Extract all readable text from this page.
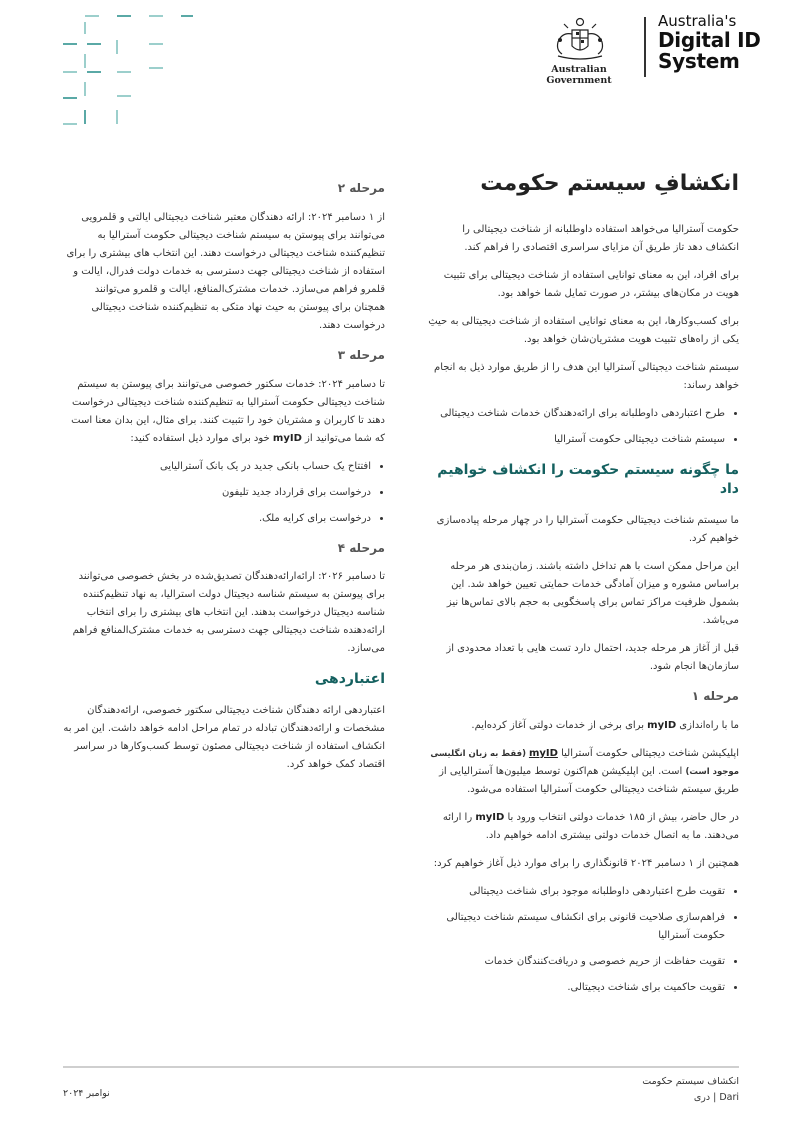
Australian Government
Australia's
Digital ID
System
انکشافِ سیستم حکومت

حکومت آسترالیا می‌خواهد استفاده داوطلبانه از شناخت دیجیتالی را انکشاف دهد تاز طریق آن مزایای سراسری اقتصادی را فراهم کند.

برای افراد، این به معنای توانایی استفاده از شناخت دیجیتالی برای تثبیت هویت در مکان‌های بیشتر، در صورت تمایل شما خواهد بود.

برای کسب‌وکارها، این به معنای توانایی استفاده از شناخت دیجیتالی به حیثِ یکی از راه‌های تثبیت هویت مشتریان‌شان خواهد بود.

سیستم شناخت دیجیتالی آسترالیا این هدف را از طریق موارد ذیل به انجام خواهد رساند:

• طرح اعتباردهی داوطلبانه برای ارائه‌دهندگان خدمات شناخت دیجیتالی
• سیستم شناخت دیجیتالی حکومت آسترالیا
ما چگونه سیستم حکومت را انکشاف خواهیم داد

ما سیستم شناخت دیجیتالی حکومت آسترالیا را در چهار مرحله پیاده‌سازی خواهیم کرد.

این مراحل ممکن است با هم تداخل داشته باشند. زمان‌بندی هر مرحله براساس مشوره و میزان آمادگی خدمات حمایتی تعیین خواهد شد. این بشمول ظرفیت مراکز تماس برای پاسخگویی به حجم بالای تماس‌ها نیز می‌باشد.

قبل از آغاز هر مرحله جدید، احتمال دارد تست هایی با تعداد محدودی از سازمان‌ها انجام شود.

مرحله ۱

ما با راه‌اندازی myID برای برخی از خدمات دولتی آغاز کرده‌ایم.

اپلیکیشن شناخت دیجیتالی حکومت آسترالیا myID (فقط به زبان انگلیسی موجود است) است. این اپلیکیشن هم‌اکنون توسط میلیون‌ها آسترالیایی از طریق سیستم شناخت دیجیتالی حکومت آسترالیا استفاده می‌شود.

در حال حاضر، بیش از ۱۸۵ خدمات دولتی انتخاب ورود با myID را ارائه می‌دهند. ما به اتصال خدمات دولتی بیشتری ادامه خواهیم داد.

همچنین از ۱ دسامبر ۲۰۲۴ قانونگذاری را برای موارد ذیل آغاز خواهیم کرد:

• تقویت طرح اعتباردهی داوطلبانه موجود برای شناخت دیجیتالی
• فراهم‌سازی صلاحیت قانونی برای انکشاف سیستم شناخت دیجیتالی حکومت آسترالیا
• تقویت حفاظت از حریم خصوصی و دریافت‌کنندگان خدمات
• تقویت حاکمیت برای شناخت دیجیتالی.
مرحله ۲

از ۱ دسامبر ۲۰۲۴: ارائه دهندگان معتبر شناخت دیجیتالی ایالتی و قلمرویی می‌توانند برای پیوستن به سیستم شناخت دیجیتالی حکومت آسترالیا به تنظیم‌کننده شناخت دیجیتالی درخواست دهند. این انتخاب های بیشتری را برای استفاده از شناخت دیجیتالی جهت دسترسی به خدمات دولت فدرال، ایالت و قلمرو فراهم می‌سازد. خدمات مشترک‌المنافع، ایالت و قلمرو می‌توانند همچنان برای پیوستن به حیث نهاد متکی به تنظیم‌کننده شناخت دیجیتالی درخواست دهند.

مرحله ۳

تا دسامبر ۲۰۲۴: خدمات سکتور خصوصی می‌توانند برای پیوستن به سیستم شناخت دیجیتالی حکومت آسترالیا به تنظیم‌کننده شناخت دیجیتالی درخواست دهند تا کاربران و مشتریان خود را تثبیت کنند. برای مثال، این بدان معنا است که شما می‌توانید از myID خود برای موارد ذیل استفاده کنید:

• افتتاح یک حساب بانکی جدید در یک بانک آسترالیایی
• درخواست برای قرارداد جدید تلیفون
• درخواست برای کرایه ملک.
مرحله ۴

تا دسامبر ۲۰۲۶: ارائه‌ارائه‌دهندگان تصدیق‌شده در بخش خصوصی می‌توانند برای پیوستن به سیستم شناسه دیجیتال دولت استرالیا، به نهاد تنظیم‌کننده شناسه دیجیتال درخواست بدهند. این انتخاب های بیشتری را برای انتخاب ارائه‌دهنده شناخت دیجیتالی جهت دسترسی به خدمات مشترک‌المنافع فراهم می‌سازد.

اعتباردهی

اعتباردهی ارائه دهندگان شناخت دیجیتالی سکتور خصوصی، ارائه‌دهندگان مشخصات و ارائه‌دهندگان تبادله در تمام مراحل ادامه خواهد داشت. این امر به انکشاف استفاده از شناخت دیجیتالی مصئون توسط کسب‌وکارها در سراسر اقتصاد کمک خواهد کرد.

انکشاف سیستم حکومت
Dari | دری
نوامبر ۲۰۲۴
